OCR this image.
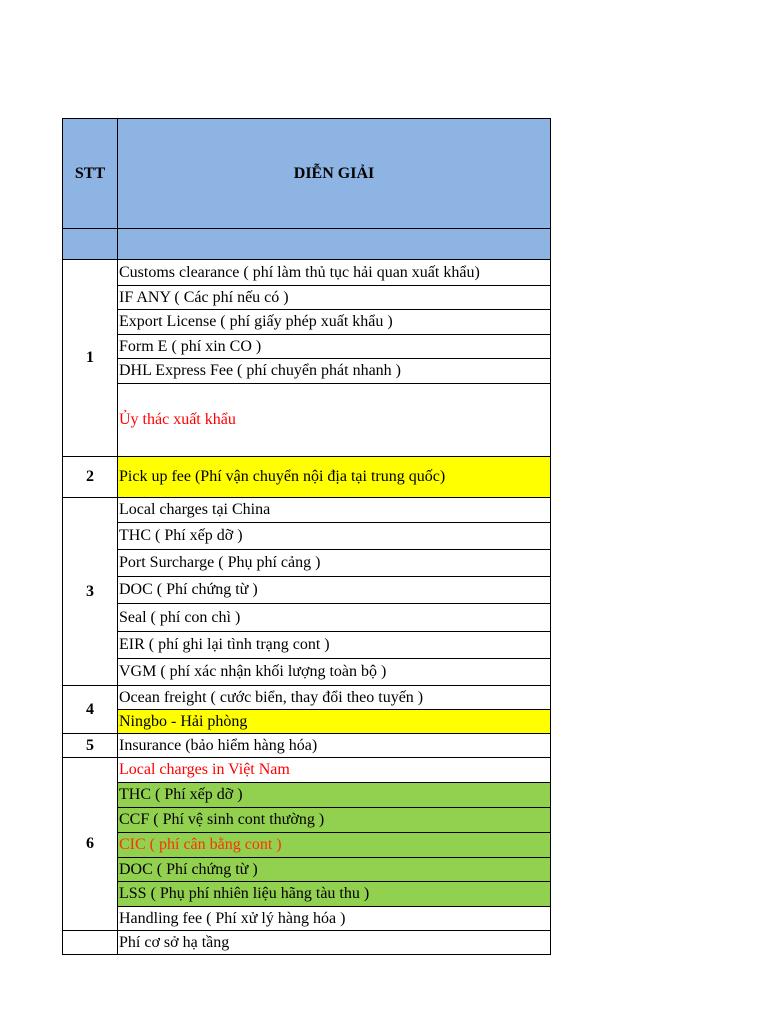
STT	DIỄN GIẢI

1	Customs clearance ( phí làm thủ tục hải quan xuất khẩu)
	IF ANY ( Các phí nếu có )
	Export License ( phí giấy phép xuất khẩu )
	Form E ( phí xin CO )
	DHL Express Fee ( phí chuyển phát nhanh )
	Ủy thác xuất khẩu
2	Pick up fee (Phí vận chuyển nội địa tại trung quốc)
3	Local charges tại China
	THC ( Phí xếp dỡ )
	Port Surcharge ( Phụ phí cảng )
	DOC ( Phí chứng từ )
	Seal ( phí con chì )
	EIR ( phí ghi lại tình trạng cont )
	VGM ( phí xác nhận khối lượng toàn bộ )
4	Ocean freight ( cước biển, thay đổi theo tuyến )
	Ningbo - Hải phòng
5	Insurance (bảo hiểm hàng hóa)
6	Local charges in Việt Nam
	THC ( Phí xếp dỡ )
	CCF ( Phí vệ sinh cont thường )
	CIC ( phí cân bằng cont )
	DOC ( Phí chứng từ )
	LSS ( Phụ phí nhiên liệu hãng tàu thu )
	Handling fee ( Phí xử lý hàng hóa )
	Phí cơ sở hạ tầng
